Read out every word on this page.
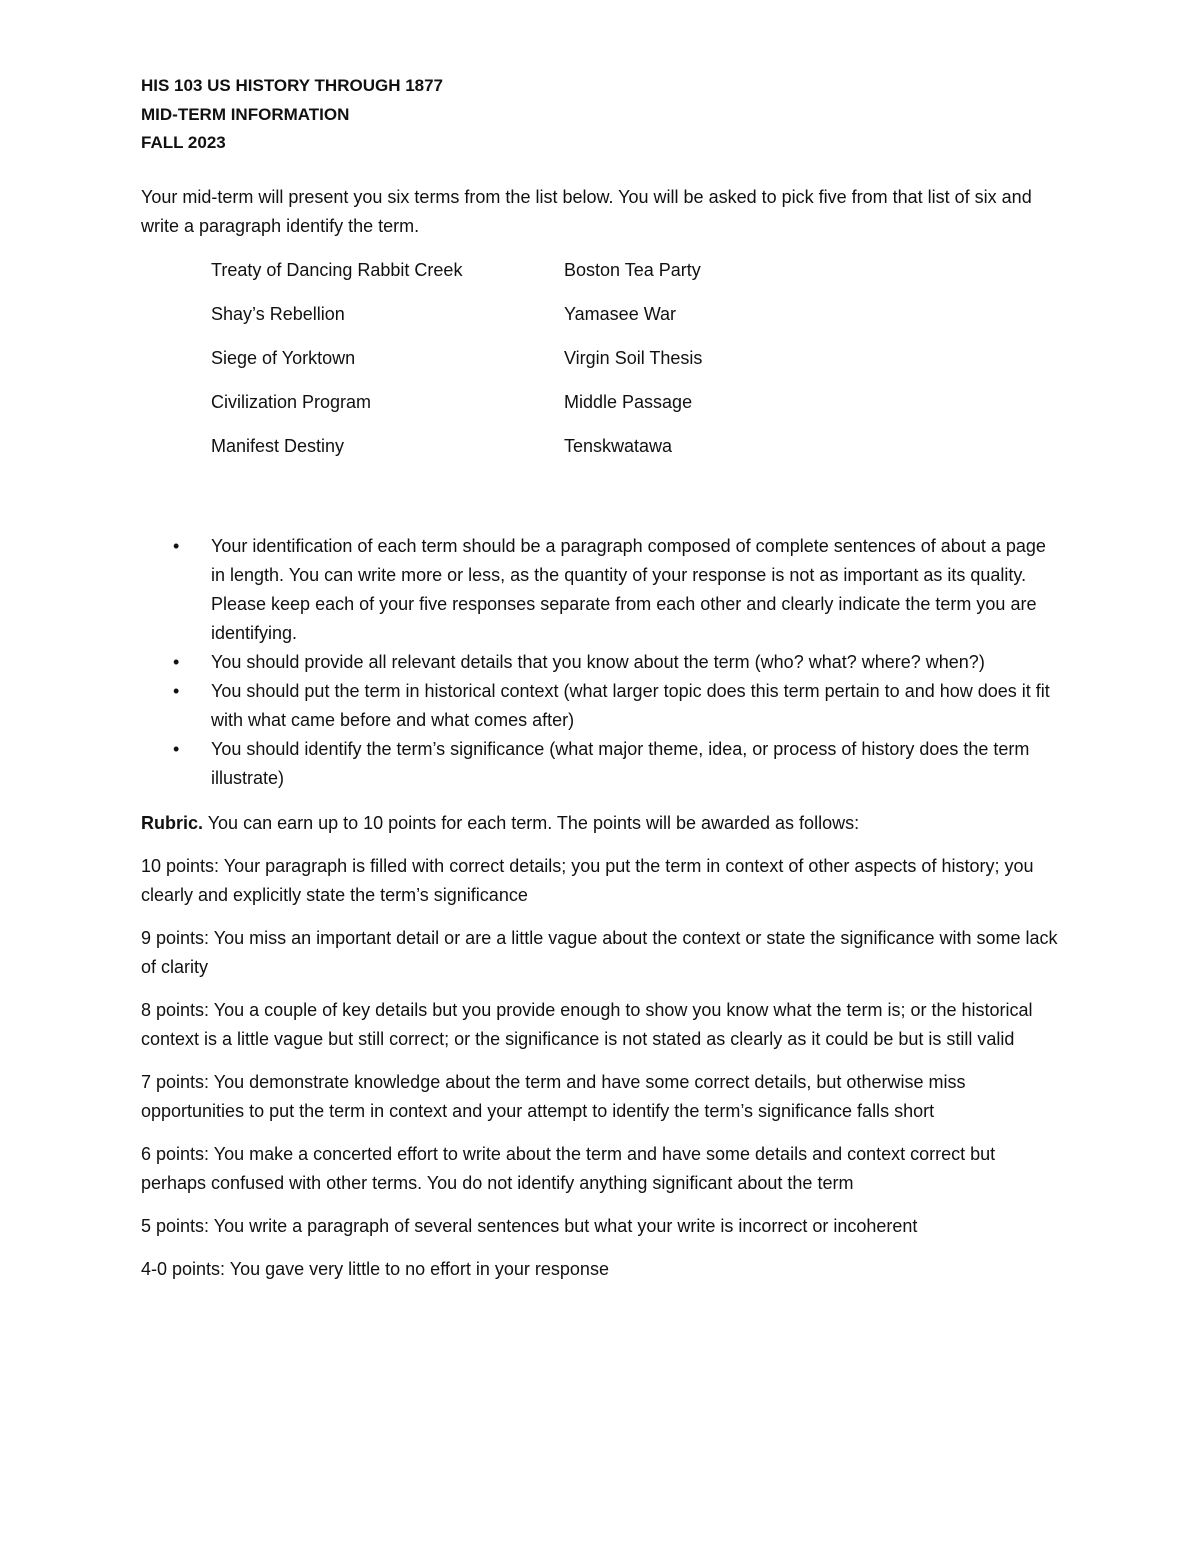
HIS 103 US HISTORY THROUGH 1877
MID-TERM INFORMATION
FALL 2023
Your mid-term will present you six terms from the list below. You will be asked to pick five from that list of six and write a paragraph identify the term.
Treaty of Dancing Rabbit Creek	Boston Tea Party
Shay’s Rebellion	Yamasee War
Siege of Yorktown	Virgin Soil Thesis
Civilization Program	Middle Passage
Manifest Destiny	Tenskwatawa
• Your identification of each term should be a paragraph composed of complete sentences of about a page in length. You can write more or less, as the quantity of your response is not as important as its quality. Please keep each of your five responses separate from each other and clearly indicate the term you are identifying.
• You should provide all relevant details that you know about the term (who? what? where? when?)
• You should put the term in historical context (what larger topic does this term pertain to and how does it fit with what came before and what comes after)
• You should identify the term’s significance (what major theme, idea, or process of history does the term illustrate)
Rubric. You can earn up to 10 points for each term. The points will be awarded as follows:
10 points: Your paragraph is filled with correct details; you put the term in context of other aspects of history; you clearly and explicitly state the term’s significance
9 points: You miss an important detail or are a little vague about the context or state the significance with some lack of clarity
8 points: You a couple of key details but you provide enough to show you know what the term is; or the historical context is a little vague but still correct; or the significance is not stated as clearly as it could be but is still valid
7 points: You demonstrate knowledge about the term and have some correct details, but otherwise miss opportunities to put the term in context and your attempt to identify the term’s significance falls short
6 points: You make a concerted effort to write about the term and have some details and context correct but perhaps confused with other terms. You do not identify anything significant about the term
5 points: You write a paragraph of several sentences but what your write is incorrect or incoherent
4-0 points: You gave very little to no effort in your response
